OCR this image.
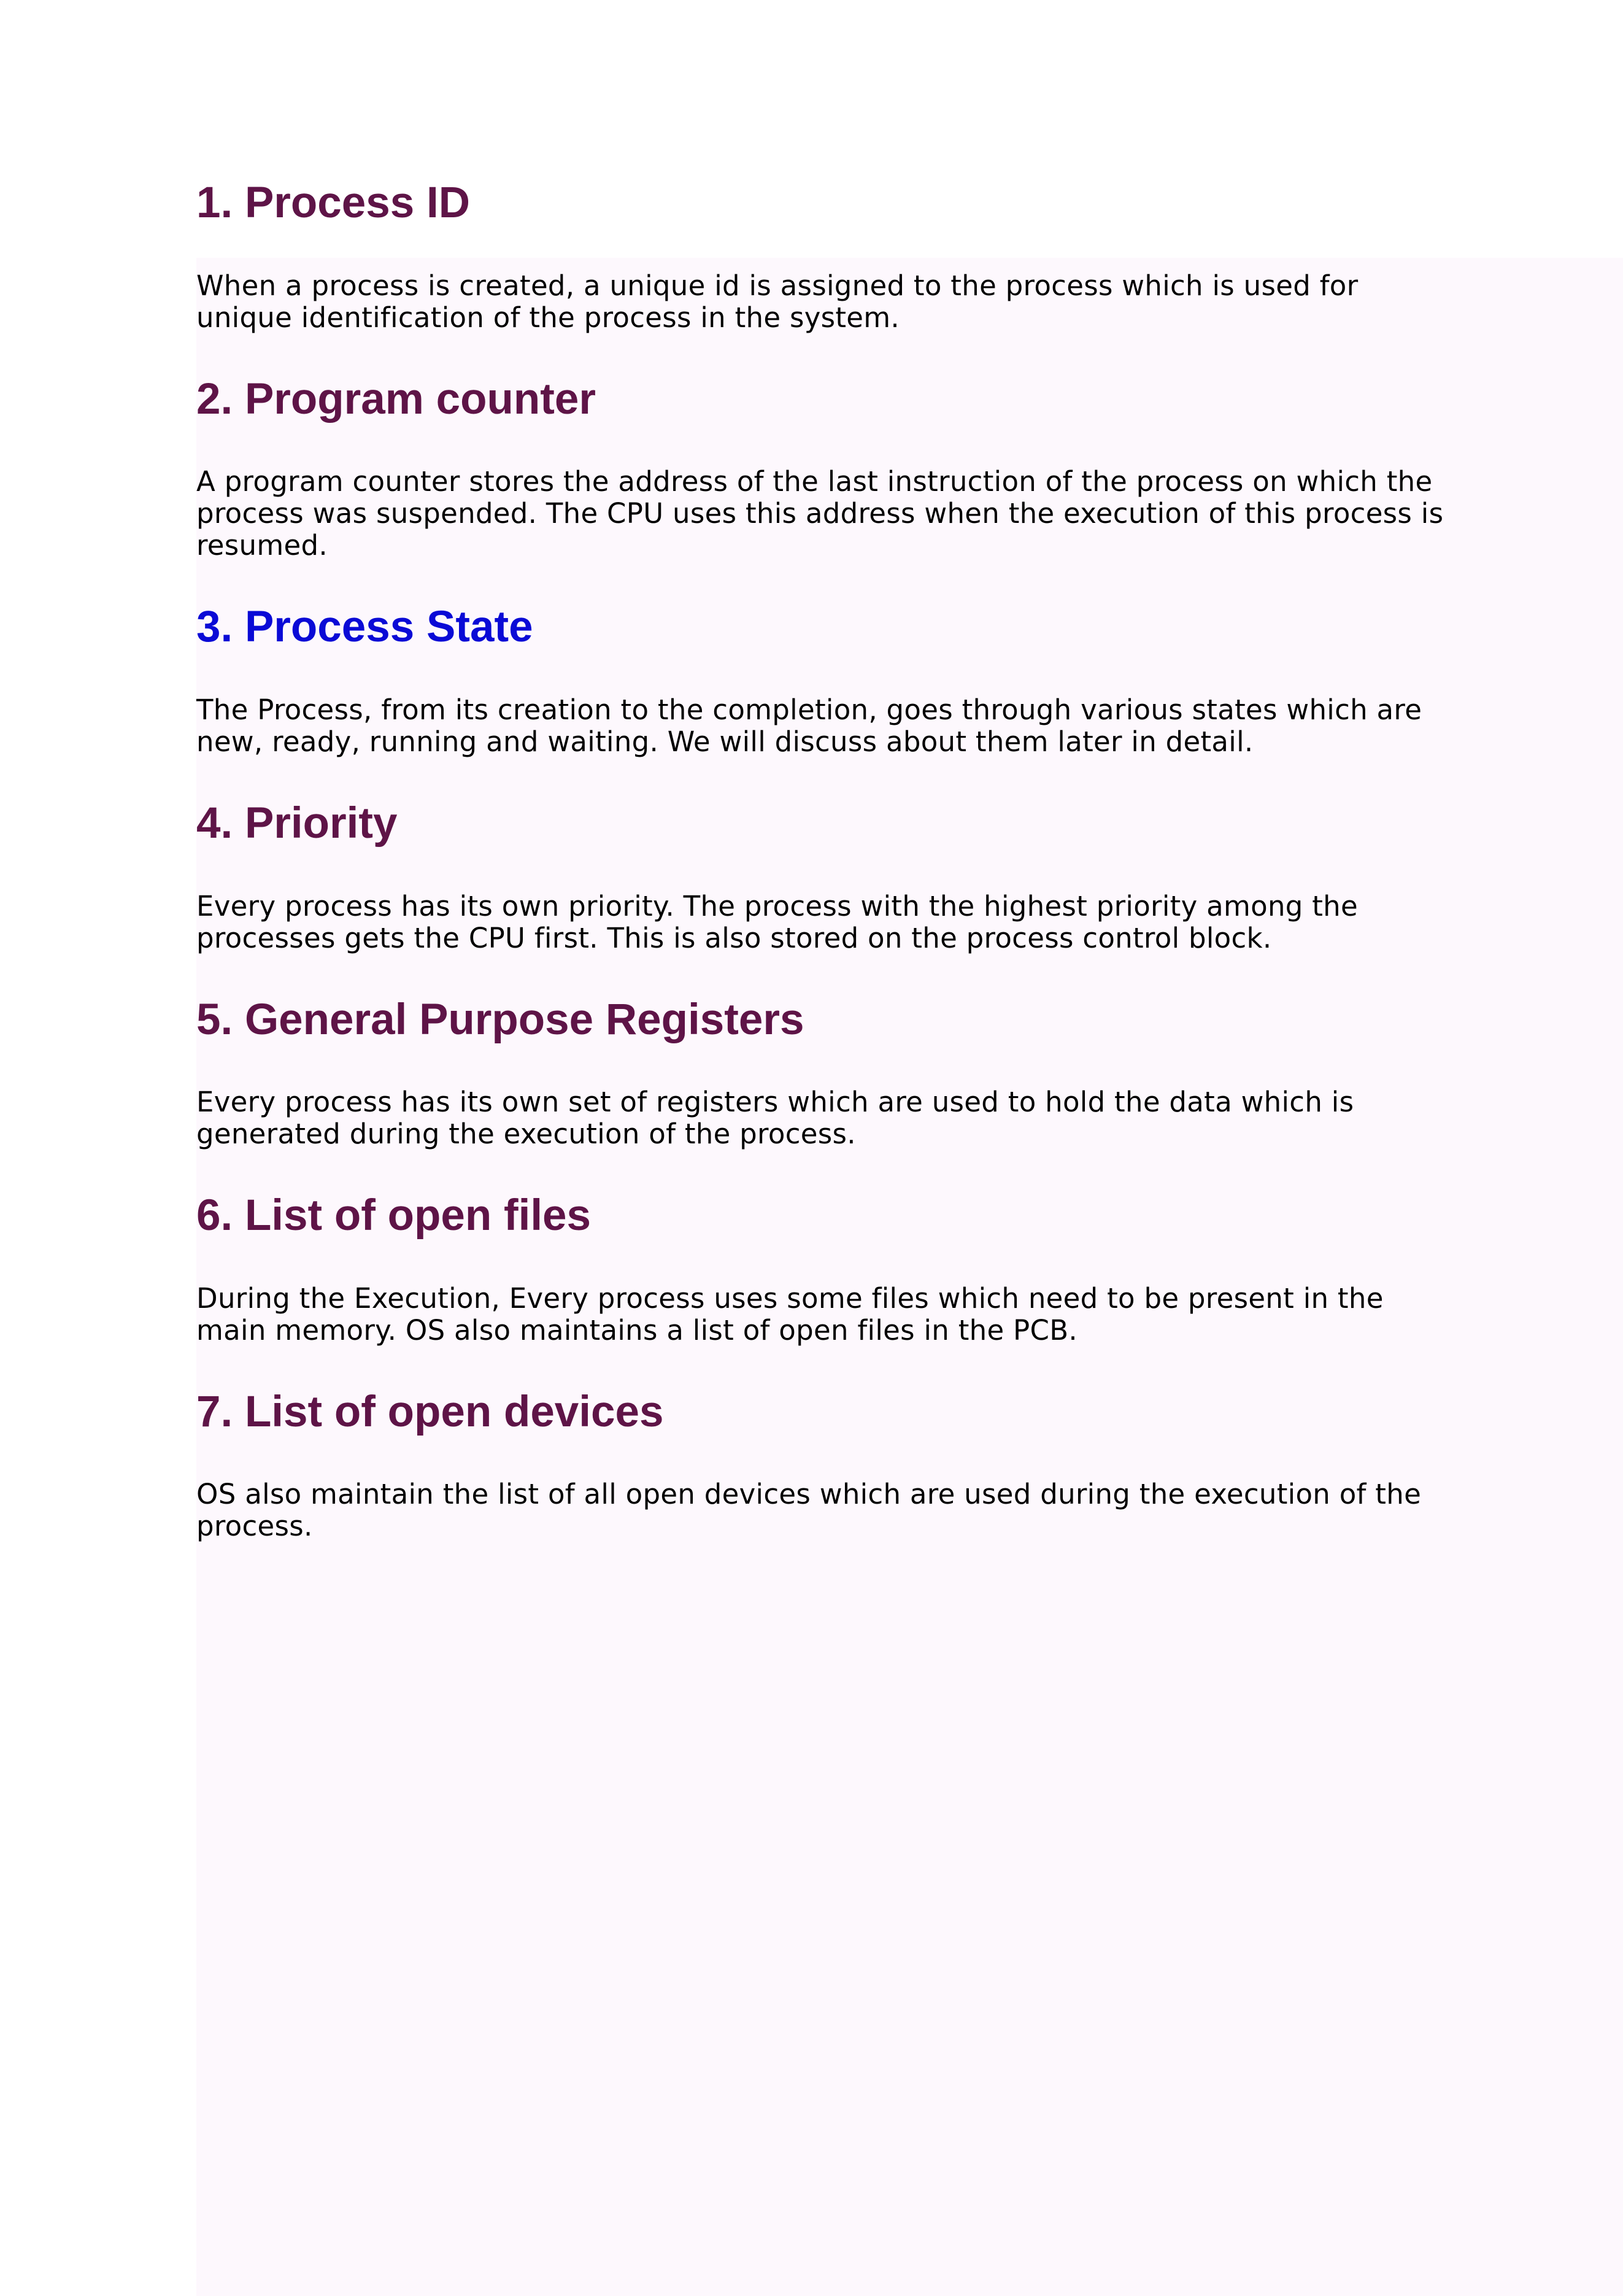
1. Process ID

When a process is created, a unique id is assigned to the process which is used for unique identification of the process in the system.

2. Program counter

A program counter stores the address of the last instruction of the process on which the process was suspended. The CPU uses this address when the execution of this process is resumed.

3. Process State

The Process, from its creation to the completion, goes through various states which are new, ready, running and waiting. We will discuss about them later in detail.

4. Priority

Every process has its own priority. The process with the highest priority among the processes gets the CPU first. This is also stored on the process control block.

5. General Purpose Registers

Every process has its own set of registers which are used to hold the data which is generated during the execution of the process.

6. List of open files

During the Execution, Every process uses some files which need to be present in the main memory. OS also maintains a list of open files in the PCB.

7. List of open devices

OS also maintain the list of all open devices which are used during the execution of the process.
